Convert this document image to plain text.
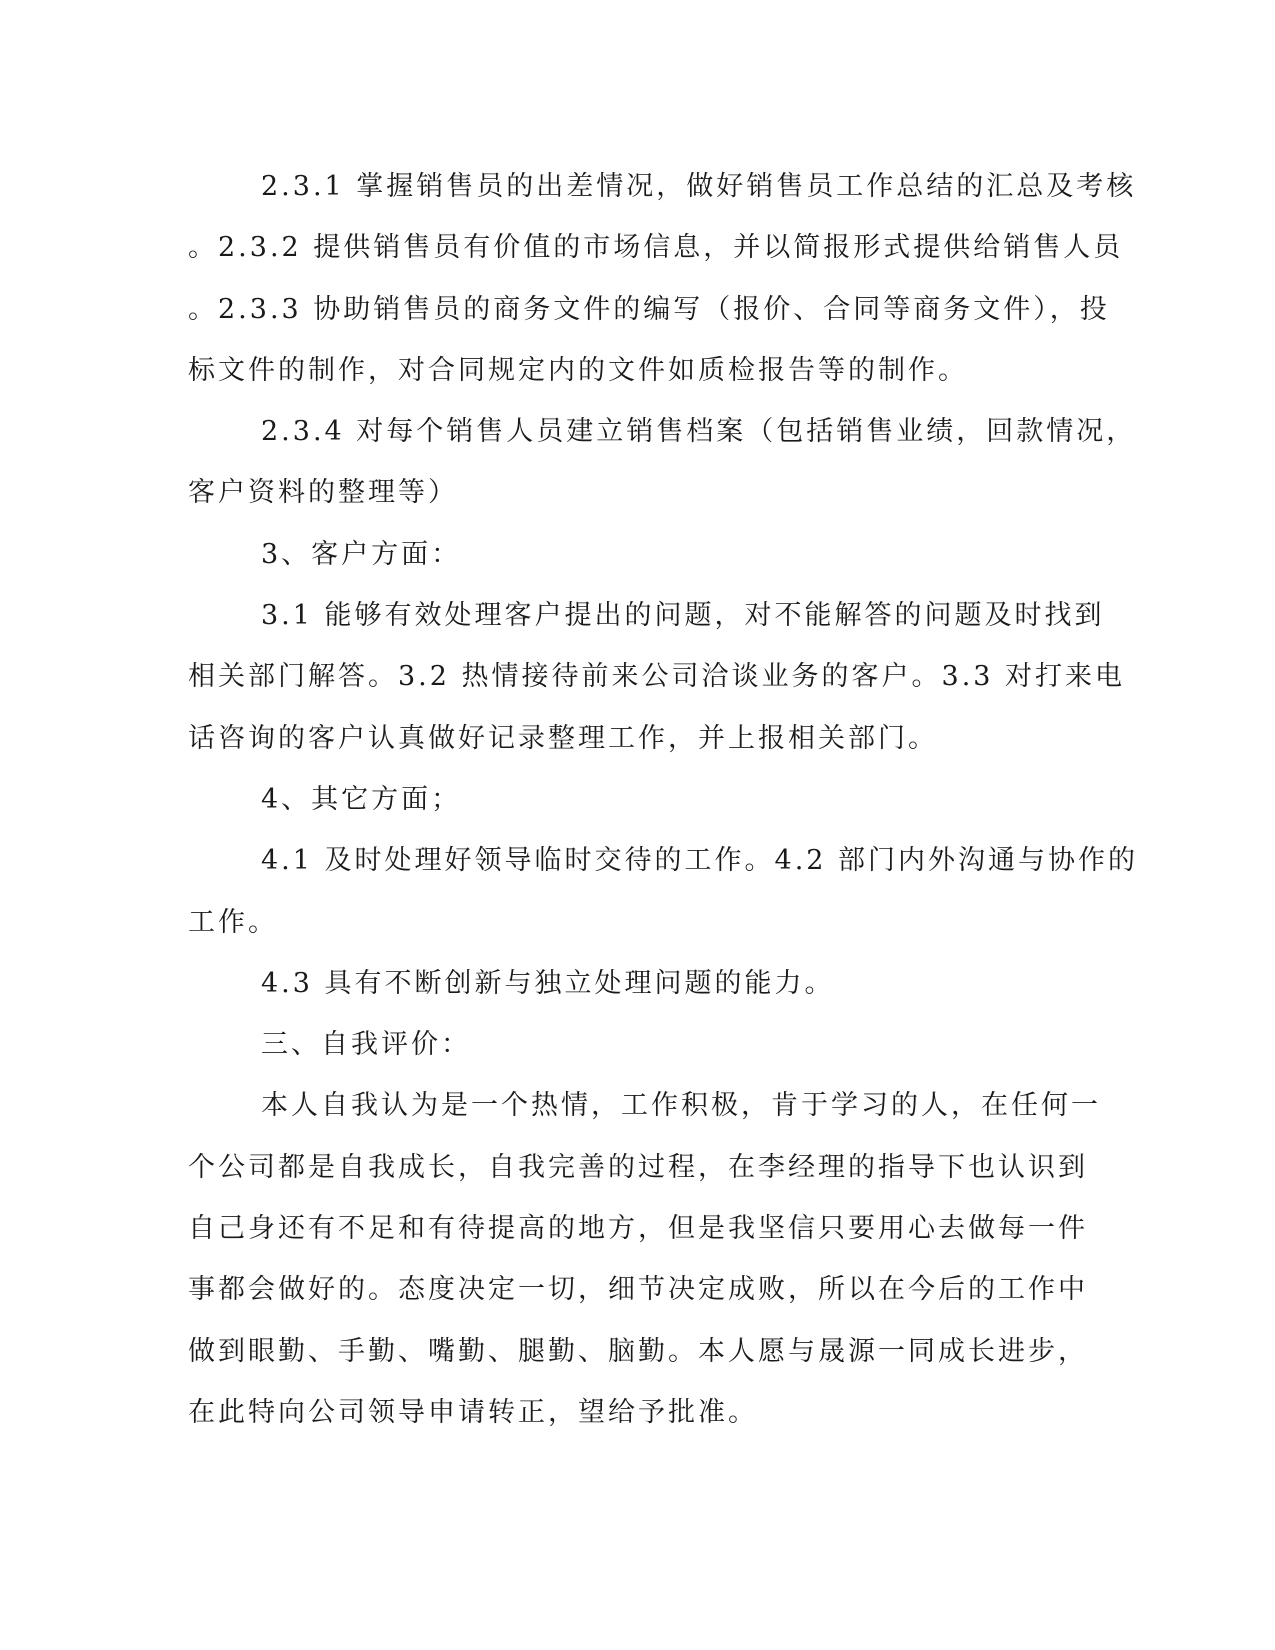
2.3.1 掌握销售员的出差情况，做好销售员工作总结的汇总及考核
。2.3.2 提供销售员有价值的市场信息，并以简报形式提供给销售人员
。2.3.3 协助销售员的商务文件的编写（报价、合同等商务文件），投
标文件的制作，对合同规定内的文件如质检报告等的制作。
2.3.4 对每个销售人员建立销售档案（包括销售业绩，回款情况，
客户资料的整理等）
3、客户方面：
3.1 能够有效处理客户提出的问题，对不能解答的问题及时找到
相关部门解答。3.2 热情接待前来公司洽谈业务的客户。3.3 对打来电
话咨询的客户认真做好记录整理工作，并上报相关部门。
4、其它方面；
4.1 及时处理好领导临时交待的工作。4.2 部门内外沟通与协作的
工作。
4.3 具有不断创新与独立处理问题的能力。
三、自我评价：
本人自我认为是一个热情，工作积极，肯于学习的人，在任何一
个公司都是自我成长，自我完善的过程，在李经理的指导下也认识到
自己身还有不足和有待提高的地方，但是我坚信只要用心去做每一件
事都会做好的。态度决定一切，细节决定成败，所以在今后的工作中
做到眼勤、手勤、嘴勤、腿勤、脑勤。本人愿与晟源一同成长进步，
在此特向公司领导申请转正，望给予批准。
